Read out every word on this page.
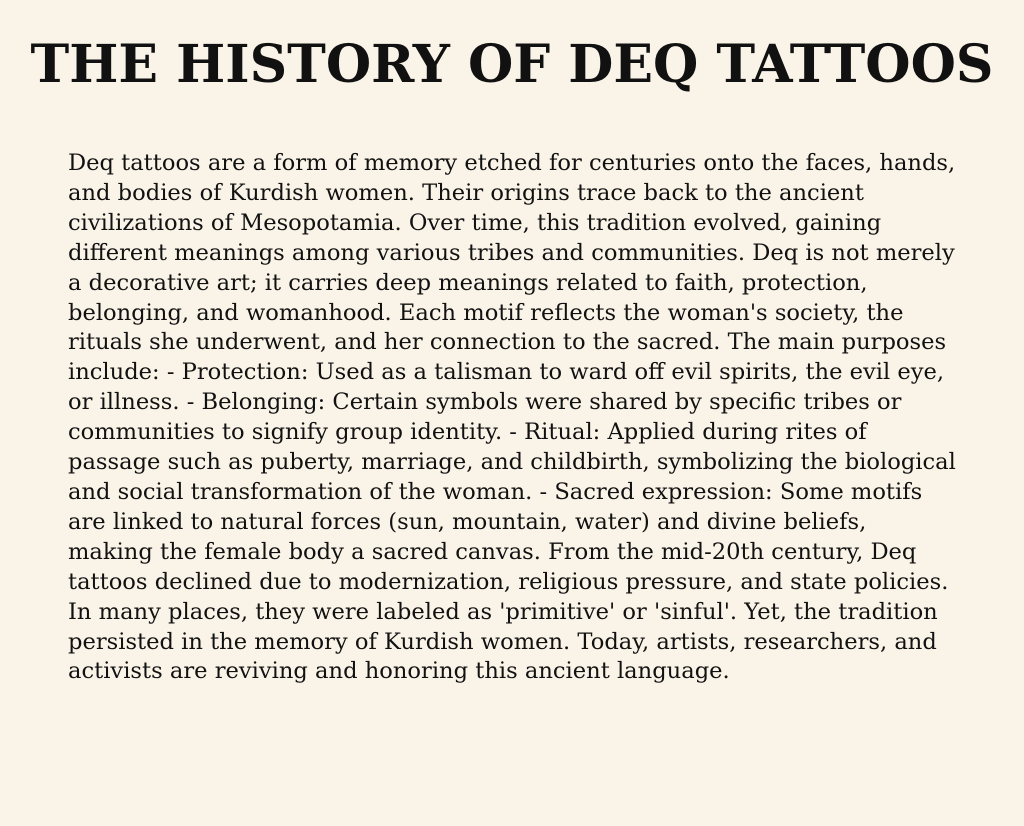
THE HISTORY OF DEQ TATTOOS

Deq tattoos are a form of memory etched for centuries onto the faces, hands, and bodies of Kurdish women. Their origins trace back to the ancient civilizations of Mesopotamia. Over time, this tradition evolved, gaining different meanings among various tribes and communities. Deq is not merely a decorative art; it carries deep meanings related to faith, protection, belonging, and womanhood. Each motif reflects the woman's society, the rituals she underwent, and her connection to the sacred. The main purposes include: - Protection: Used as a talisman to ward off evil spirits, the evil eye, or illness. - Belonging: Certain symbols were shared by specific tribes or communities to signify group identity. - Ritual: Applied during rites of passage such as puberty, marriage, and childbirth, symbolizing the biological and social transformation of the woman. - Sacred expression: Some motifs are linked to natural forces (sun, mountain, water) and divine beliefs, making the female body a sacred canvas. From the mid-20th century, Deq tattoos declined due to modernization, religious pressure, and state policies. In many places, they were labeled as 'primitive' or 'sinful'. Yet, the tradition persisted in the memory of Kurdish women. Today, artists, researchers, and activists are reviving and honoring this ancient language.
